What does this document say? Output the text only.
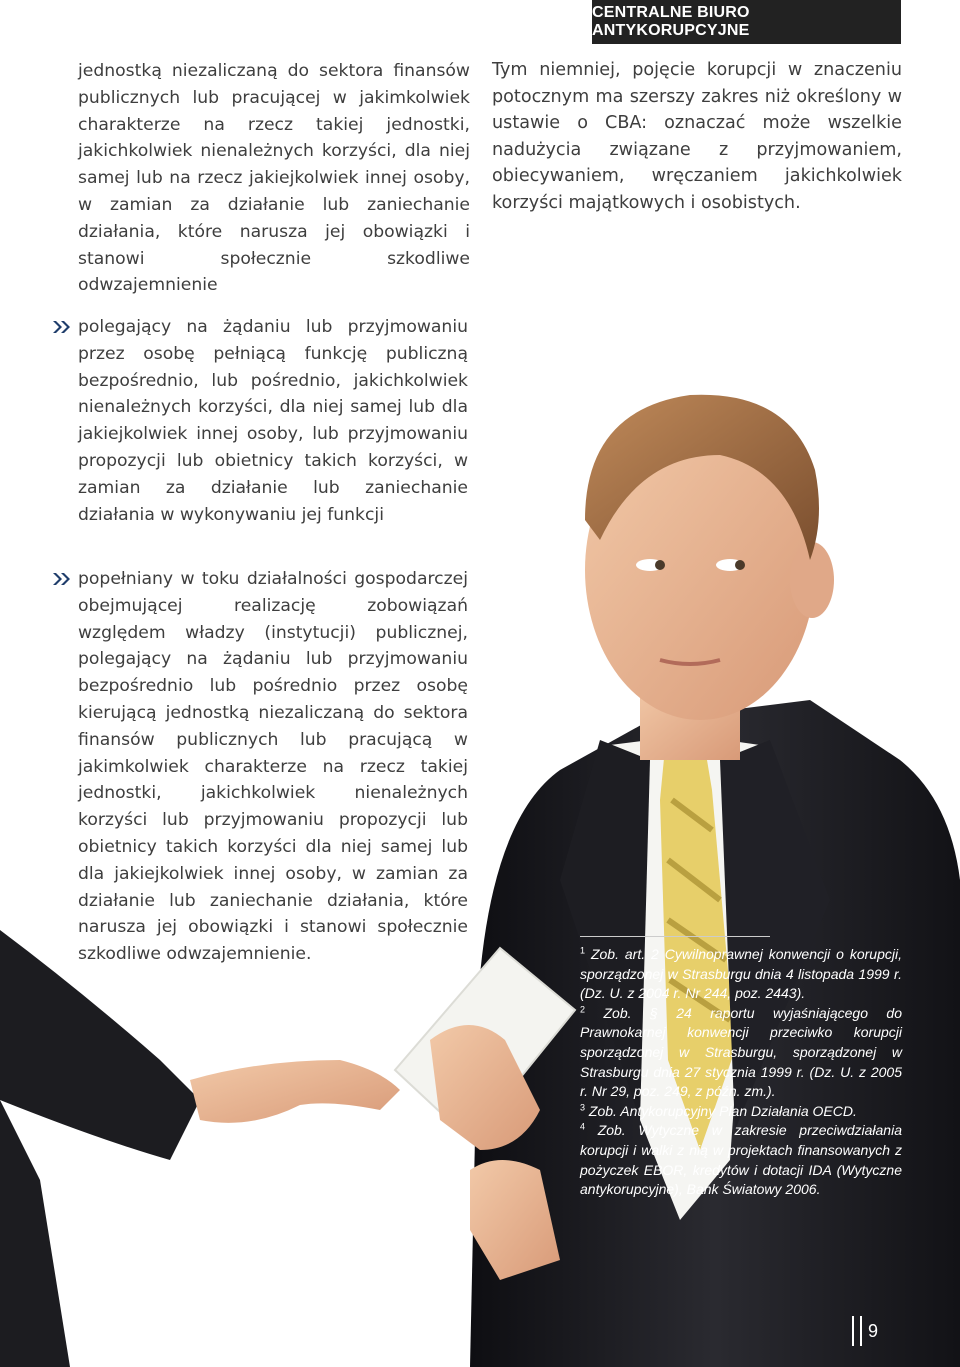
CENTRALNE BIURO ANTYKORUPCYJNE
jednostką niezaliczaną do sektora finansów publicznych lub pracującej w jakimkolwiek charakterze na rzecz takiej jednostki, jakichkolwiek nienależnych korzyści, dla niej samej lub na rzecz jakiejkolwiek innej osoby, w zamian za działanie lub zaniechanie działania, które narusza jej obowiązki i stanowi społecznie szkodliwe odwzajemnienie
Tym niemniej, pojęcie korupcji w znaczeniu potocznym ma szerszy zakres niż określony w ustawie o CBA: oznaczać może wszelkie nadużycia związane z przyjmowaniem, obiecywaniem, wręczaniem jakichkolwiek korzyści majątkowych i osobistych.
polegający na żądaniu lub przyjmowaniu przez osobę pełniącą funkcję publiczną bezpośrednio, lub pośrednio, jakichkolwiek nienależnych korzyści, dla niej samej lub dla jakiejkolwiek innej osoby, lub przyjmowaniu propozycji lub obietnicy takich korzyści, w zamian za działanie lub zaniechanie działania w wykonywaniu jej funkcji
popełniany w toku działalności gospodarczej obejmującej realizację zobowiązań względem władzy (instytucji) publicznej, polegający na żądaniu lub przyjmowaniu bezpośrednio lub pośrednio przez osobę kierującą jednostką niezaliczaną do sektora finansów publicznych lub pracującą w jakimkolwiek charakterze na rzecz takiej jednostki, jakichkolwiek nienależnych korzyści lub przyjmowaniu propozycji lub obietnicy takich korzyści dla niej samej lub dla jakiejkolwiek innej osoby, w zamian za działanie lub zaniechanie działania, które narusza jej obowiązki i stanowi społecznie szkodliwe odwzajemnienie.	$^1$ Zob. art. 2 Cywilnoprawnej konwencji o korupcji, sporządzonej w Strasburgu dnia 4 listopada 1999 r. (Dz. U. z 2004 r. Nr 244, poz. 2443).
$^2$ Zob. § 24 raportu wyjaśniającego do Prawnokarnej konwencji przeciwko korupcji sporządzonej w Strasburgu, sporządzonej w Strasburgu dnia 27 stycznia 1999 r. (Dz. U. z 2005 r. Nr 29, poz. 249, z późn. zm.).
$^3$ Zob. Antykorupcyjny Plan Działania OECD.
$^4$ Zob. Wytyczne w zakresie przeciwdziałania korupcji i walki z nią w projektach finansowanych z pożyczek EBOR, kredytów i dotacji IDA (Wytyczne antykorupcyjne), Bank Światowy 2006.
9
